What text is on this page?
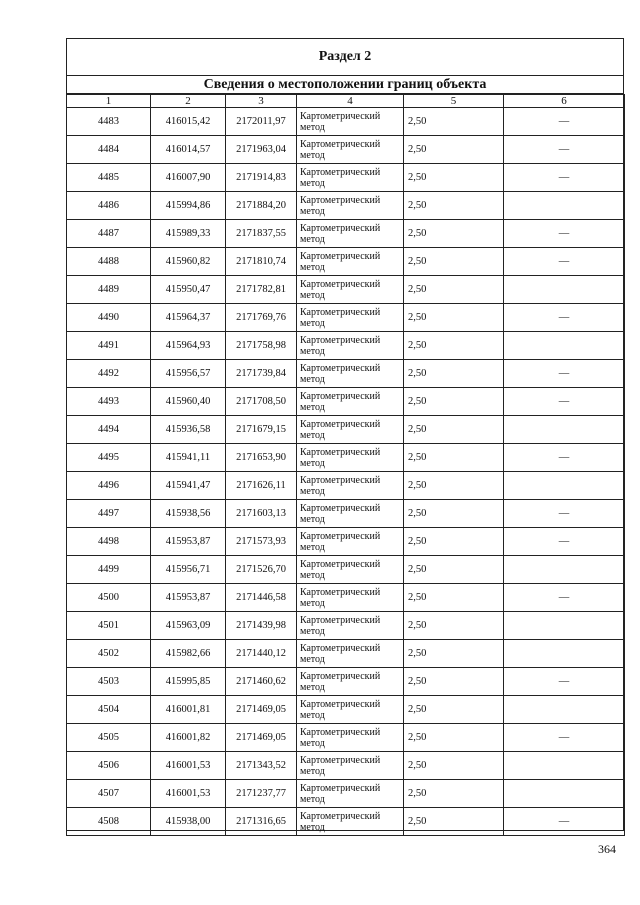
Раздел 2
Сведения о местоположении границ объекта
1	2	3	4	5	6
4483	416015,42	2172011,97	Картометрический метод	2,50	—
4484	416014,57	2171963,04	Картометрический метод	2,50	—
4485	416007,90	2171914,83	Картометрический метод	2,50	—
4486	415994,86	2171884,20	Картометрический метод	2,50	
4487	415989,33	2171837,55	Картометрический метод	2,50	—
4488	415960,82	2171810,74	Картометрический метод	2,50	—
4489	415950,47	2171782,81	Картометрический метод	2,50	
4490	415964,37	2171769,76	Картометрический метод	2,50	—
4491	415964,93	2171758,98	Картометрический метод	2,50	
4492	415956,57	2171739,84	Картометрический метод	2,50	—
4493	415960,40	2171708,50	Картометрический метод	2,50	—
4494	415936,58	2171679,15	Картометрический метод	2,50	
4495	415941,11	2171653,90	Картометрический метод	2,50	—
4496	415941,47	2171626,11	Картометрический метод	2,50	
4497	415938,56	2171603,13	Картометрический метод	2,50	—
4498	415953,87	2171573,93	Картометрический метод	2,50	—
4499	415956,71	2171526,70	Картометрический метод	2,50	
4500	415953,87	2171446,58	Картометрический метод	2,50	—
4501	415963,09	2171439,98	Картометрический метод	2,50	
4502	415982,66	2171440,12	Картометрический метод	2,50	
4503	415995,85	2171460,62	Картометрический метод	2,50	—
4504	416001,81	2171469,05	Картометрический метод	2,50	
4505	416001,82	2171469,05	Картометрический метод	2,50	—
4506	416001,53	2171343,52	Картометрический метод	2,50	
4507	416001,53	2171237,77	Картометрический метод	2,50	
4508	415938,00	2171316,65	Картометрический метод	2,50	—
364
